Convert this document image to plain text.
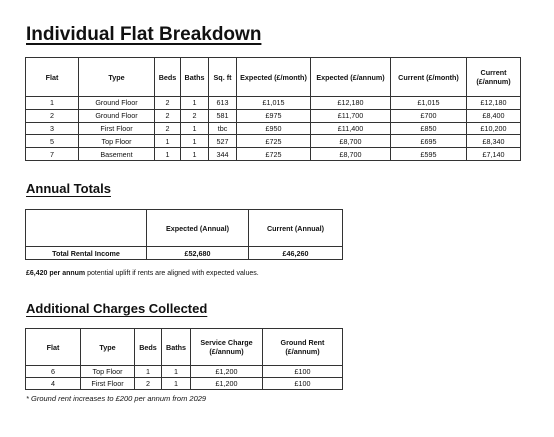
Individual Flat Breakdown
Flat	Type	Beds	Baths	Sq. ft	Expected (£/month)	Expected (£/annum)	Current (£/month)	Current (£/annum)
1	Ground Floor	2	1	613	£1,015	£12,180	£1,015	£12,180
2	Ground Floor	2	2	581	£975	£11,700	£700	£8,400
3	First Floor	2	1	tbc	£950	£11,400	£850	£10,200
5	Top Floor	1	1	527	£725	£8,700	£695	£8,340
7	Basement	1	1	344	£725	£8,700	£595	£7,140
Annual Totals
	Expected (Annual)	Current (Annual)
Total Rental Income	£52,680	£46,260
£6,420 per annum potential uplift if rents are aligned with expected values.
Additional Charges Collected
Flat	Type	Beds	Baths	Service Charge (£/annum)	Ground Rent (£/annum)
6	Top Floor	1	1	£1,200	£100
4	First Floor	2	1	£1,200	£100
* Ground rent increases to £200 per annum from 2029
